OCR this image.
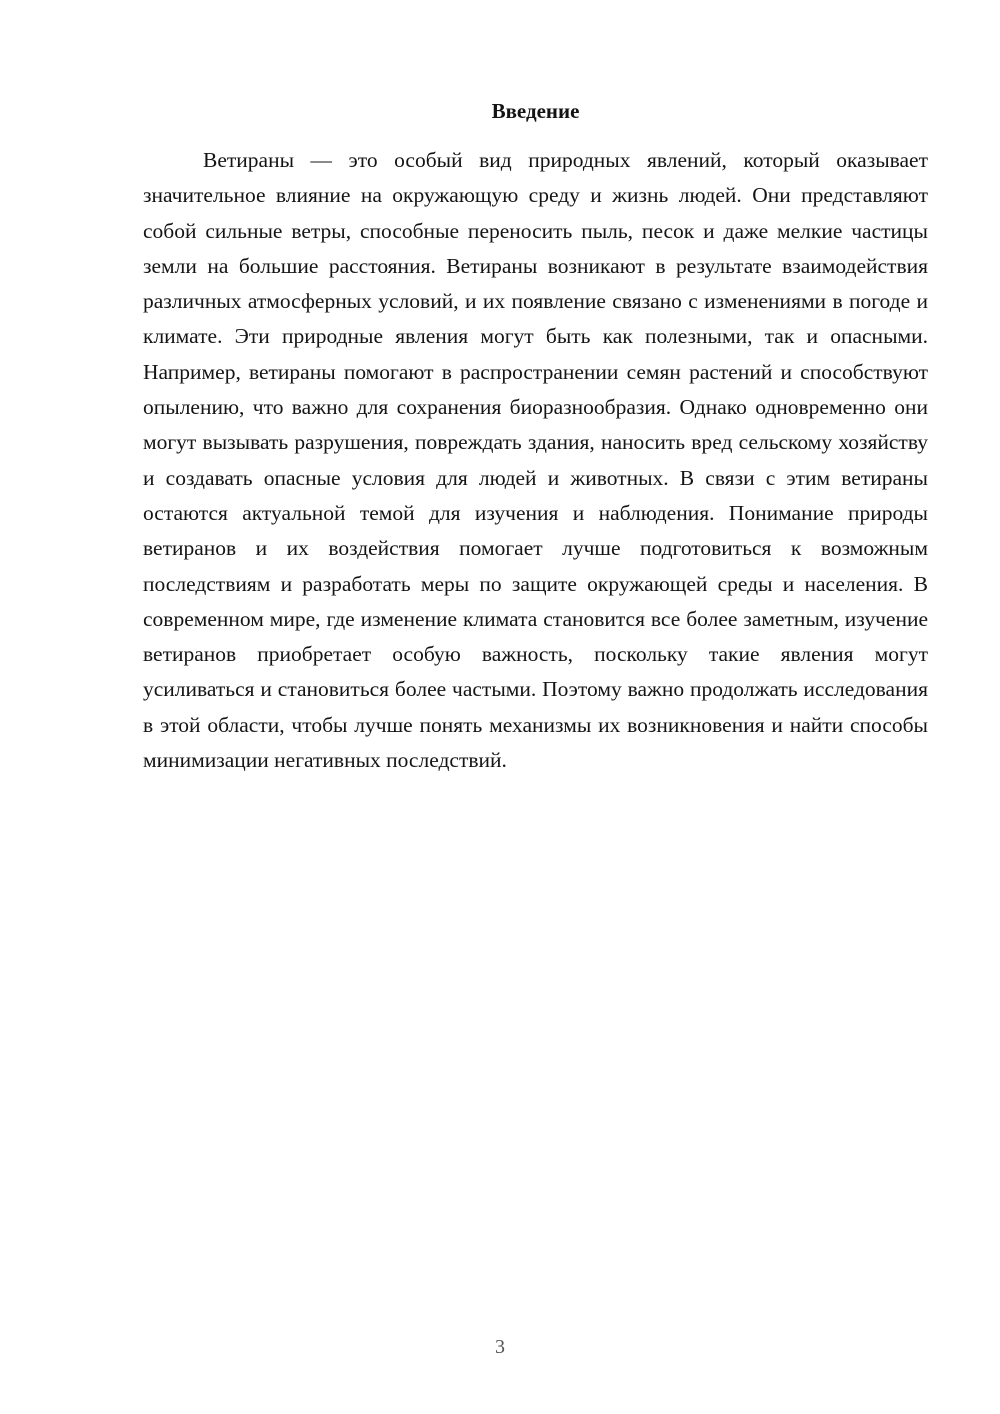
Введение

Ветираны — это особый вид природных явлений, который оказывает значительное влияние на окружающую среду и жизнь людей. Они представляют собой сильные ветры, способные переносить пыль, песок и даже мелкие частицы земли на большие расстояния. Ветираны возникают в результате взаимодействия различных атмосферных условий, и их появление связано с изменениями в погоде и климате. Эти природные явления могут быть как полезными, так и опасными. Например, ветираны помогают в распространении семян растений и способствуют опылению, что важно для сохранения биоразнообразия. Однако одновременно они могут вызывать разрушения, повреждать здания, наносить вред сельскому хозяйству и создавать опасные условия для людей и животных. В связи с этим ветираны остаются актуальной темой для изучения и наблюдения. Понимание природы ветиранов и их воздействия помогает лучше подготовиться к возможным последствиям и разработать меры по защите окружающей среды и населения. В современном мире, где изменение климата становится все более заметным, изучение ветиранов приобретает особую важность, поскольку такие явления могут усиливаться и становиться более частыми. Поэтому важно продолжать исследования в этой области, чтобы лучше понять механизмы их возникновения и найти способы минимизации негативных последствий.

3
